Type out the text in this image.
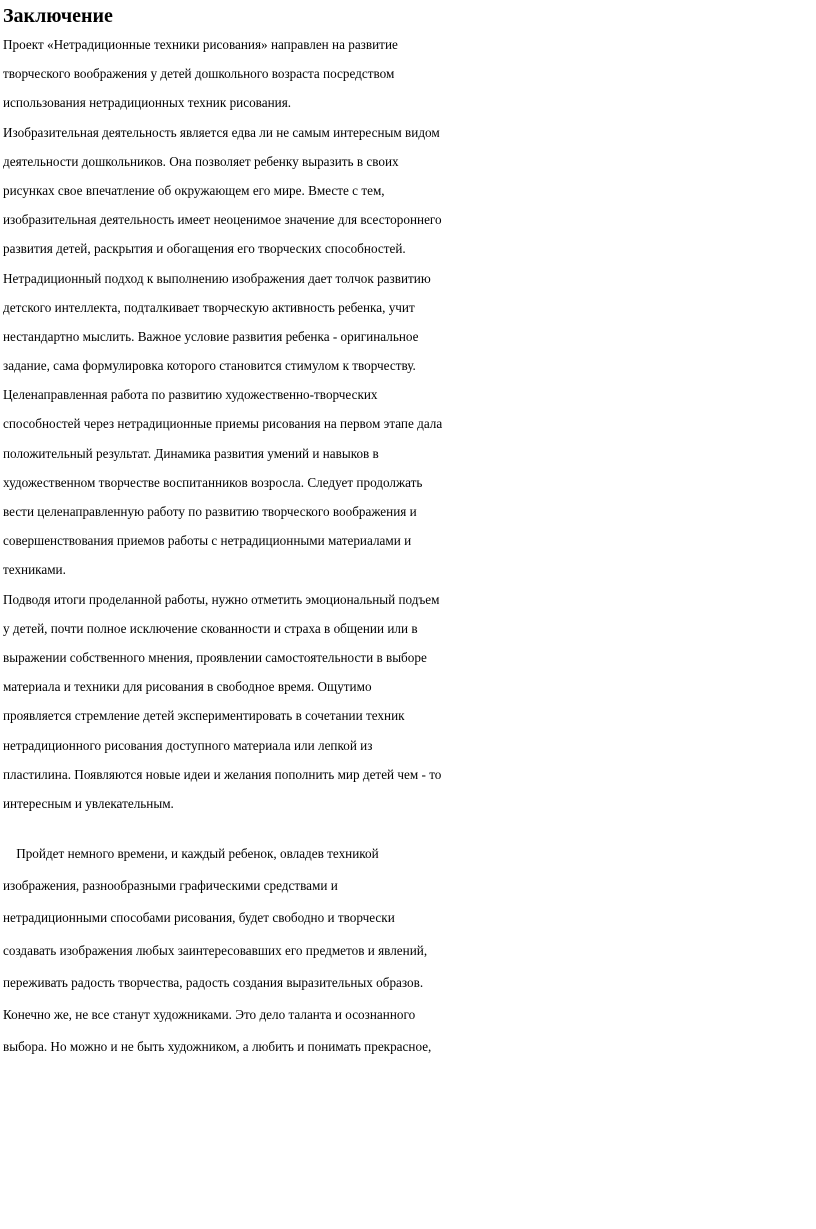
Заключение
Проект «Нетрадиционные техники рисования» направлен на развитие
творческого воображения у детей дошкольного возраста посредством
использования нетрадиционных техник рисования.
Изобразительная деятельность является едва ли не самым интересным видом
деятельности дошкольников. Она позволяет ребенку выразить в своих
рисунках свое впечатление об окружающем его мире. Вместе с тем,
изобразительная деятельность имеет неоценимое значение для всестороннего
развития детей, раскрытия и обогащения его творческих способностей.
Нетрадиционный подход к выполнению изображения дает толчок развитию
детского интеллекта, подталкивает творческую активность ребенка, учит
нестандартно мыслить. Важное условие развития ребенка - оригинальное
задание, сама формулировка которого становится стимулом к творчеству.
Целенаправленная работа по развитию художественно-творческих
способностей через нетрадиционные приемы рисования на первом этапе дала
положительный результат. Динамика развития умений и навыков в
художественном творчестве воспитанников возросла. Следует продолжать
вести целенаправленную работу по развитию творческого воображения и
совершенствования приемов работы с нетрадиционными материалами и
техниками.
Подводя итоги проделанной работы, нужно отметить эмоциональный подъем
у детей, почти полное исключение скованности и страха в общении или в
выражении собственного мнения, проявлении самостоятельности в выборе
материала и техники для рисования в свободное время. Ощутимо
проявляется стремление детей экспериментировать в сочетании техник
нетрадиционного рисования доступного материала или лепкой из
пластилина. Появляются новые идеи и желания пополнить мир детей чем - то
интересным и увлекательным.
Пройдет немного времени, и каждый ребенок, овладев техникой
изображения, разнообразными графическими средствами и
нетрадиционными способами рисования, будет свободно и творчески
создавать изображения любых заинтересовавших его предметов и явлений,
переживать радость творчества, радость создания выразительных образов.
Конечно же, не все станут художниками. Это дело таланта и осознанного
выбора. Но можно и не быть художником, а любить и понимать прекрасное,
